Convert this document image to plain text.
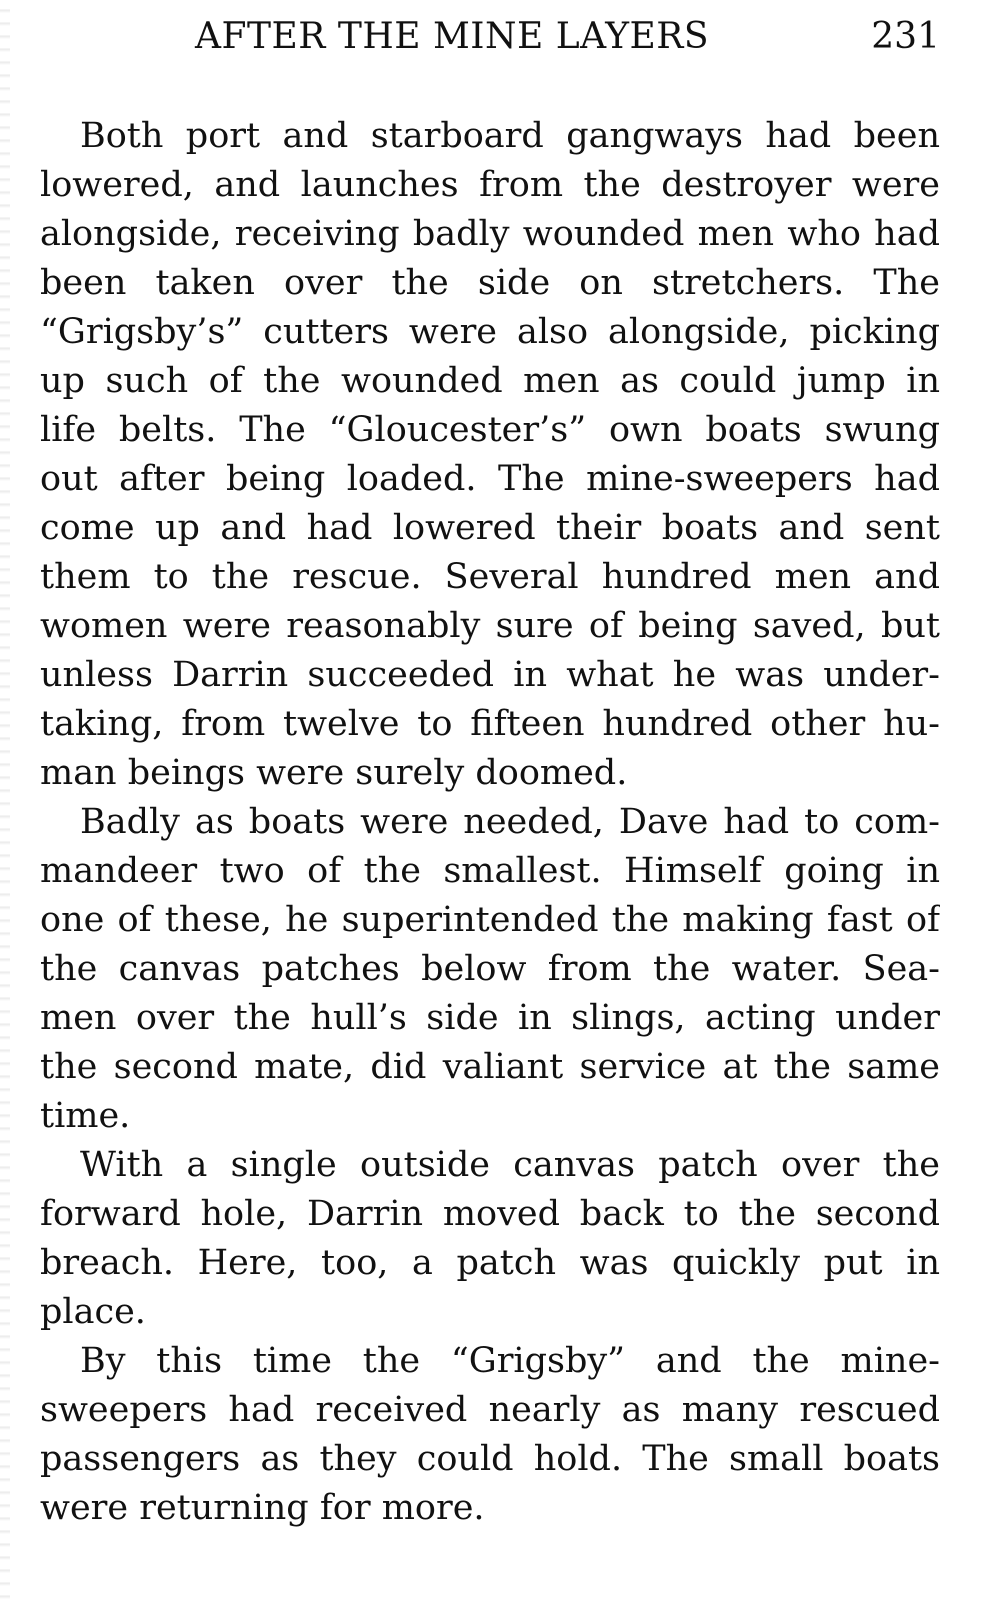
AFTER THE MINE LAYERS	231

Both port and starboard gangways had been
lowered, and launches from the destroyer were
alongside, receiving badly wounded men who had
been taken over the side on stretchers. The
“Grigsby’s” cutters were also alongside, picking
up such of the wounded men as could jump in
life belts. The “Gloucester’s” own boats swung
out after being loaded. The mine-sweepers had
come up and had lowered their boats and sent
them to the rescue. Several hundred men and
women were reasonably sure of being saved, but
unless Darrin succeeded in what he was under-
taking, from twelve to fifteen hundred other hu-
man beings were surely doomed.

Badly as boats were needed, Dave had to com-
mandeer two of the smallest. Himself going in
one of these, he superintended the making fast of
the canvas patches below from the water. Sea-
men over the hull’s side in slings, acting under
the second mate, did valiant service at the same
time.

With a single outside canvas patch over the
forward hole, Darrin moved back to the second
breach. Here, too, a patch was quickly put in
place.

By this time the “Grigsby” and the mine-
sweepers had received nearly as many rescued
passengers as they could hold. The small boats
were returning for more.
